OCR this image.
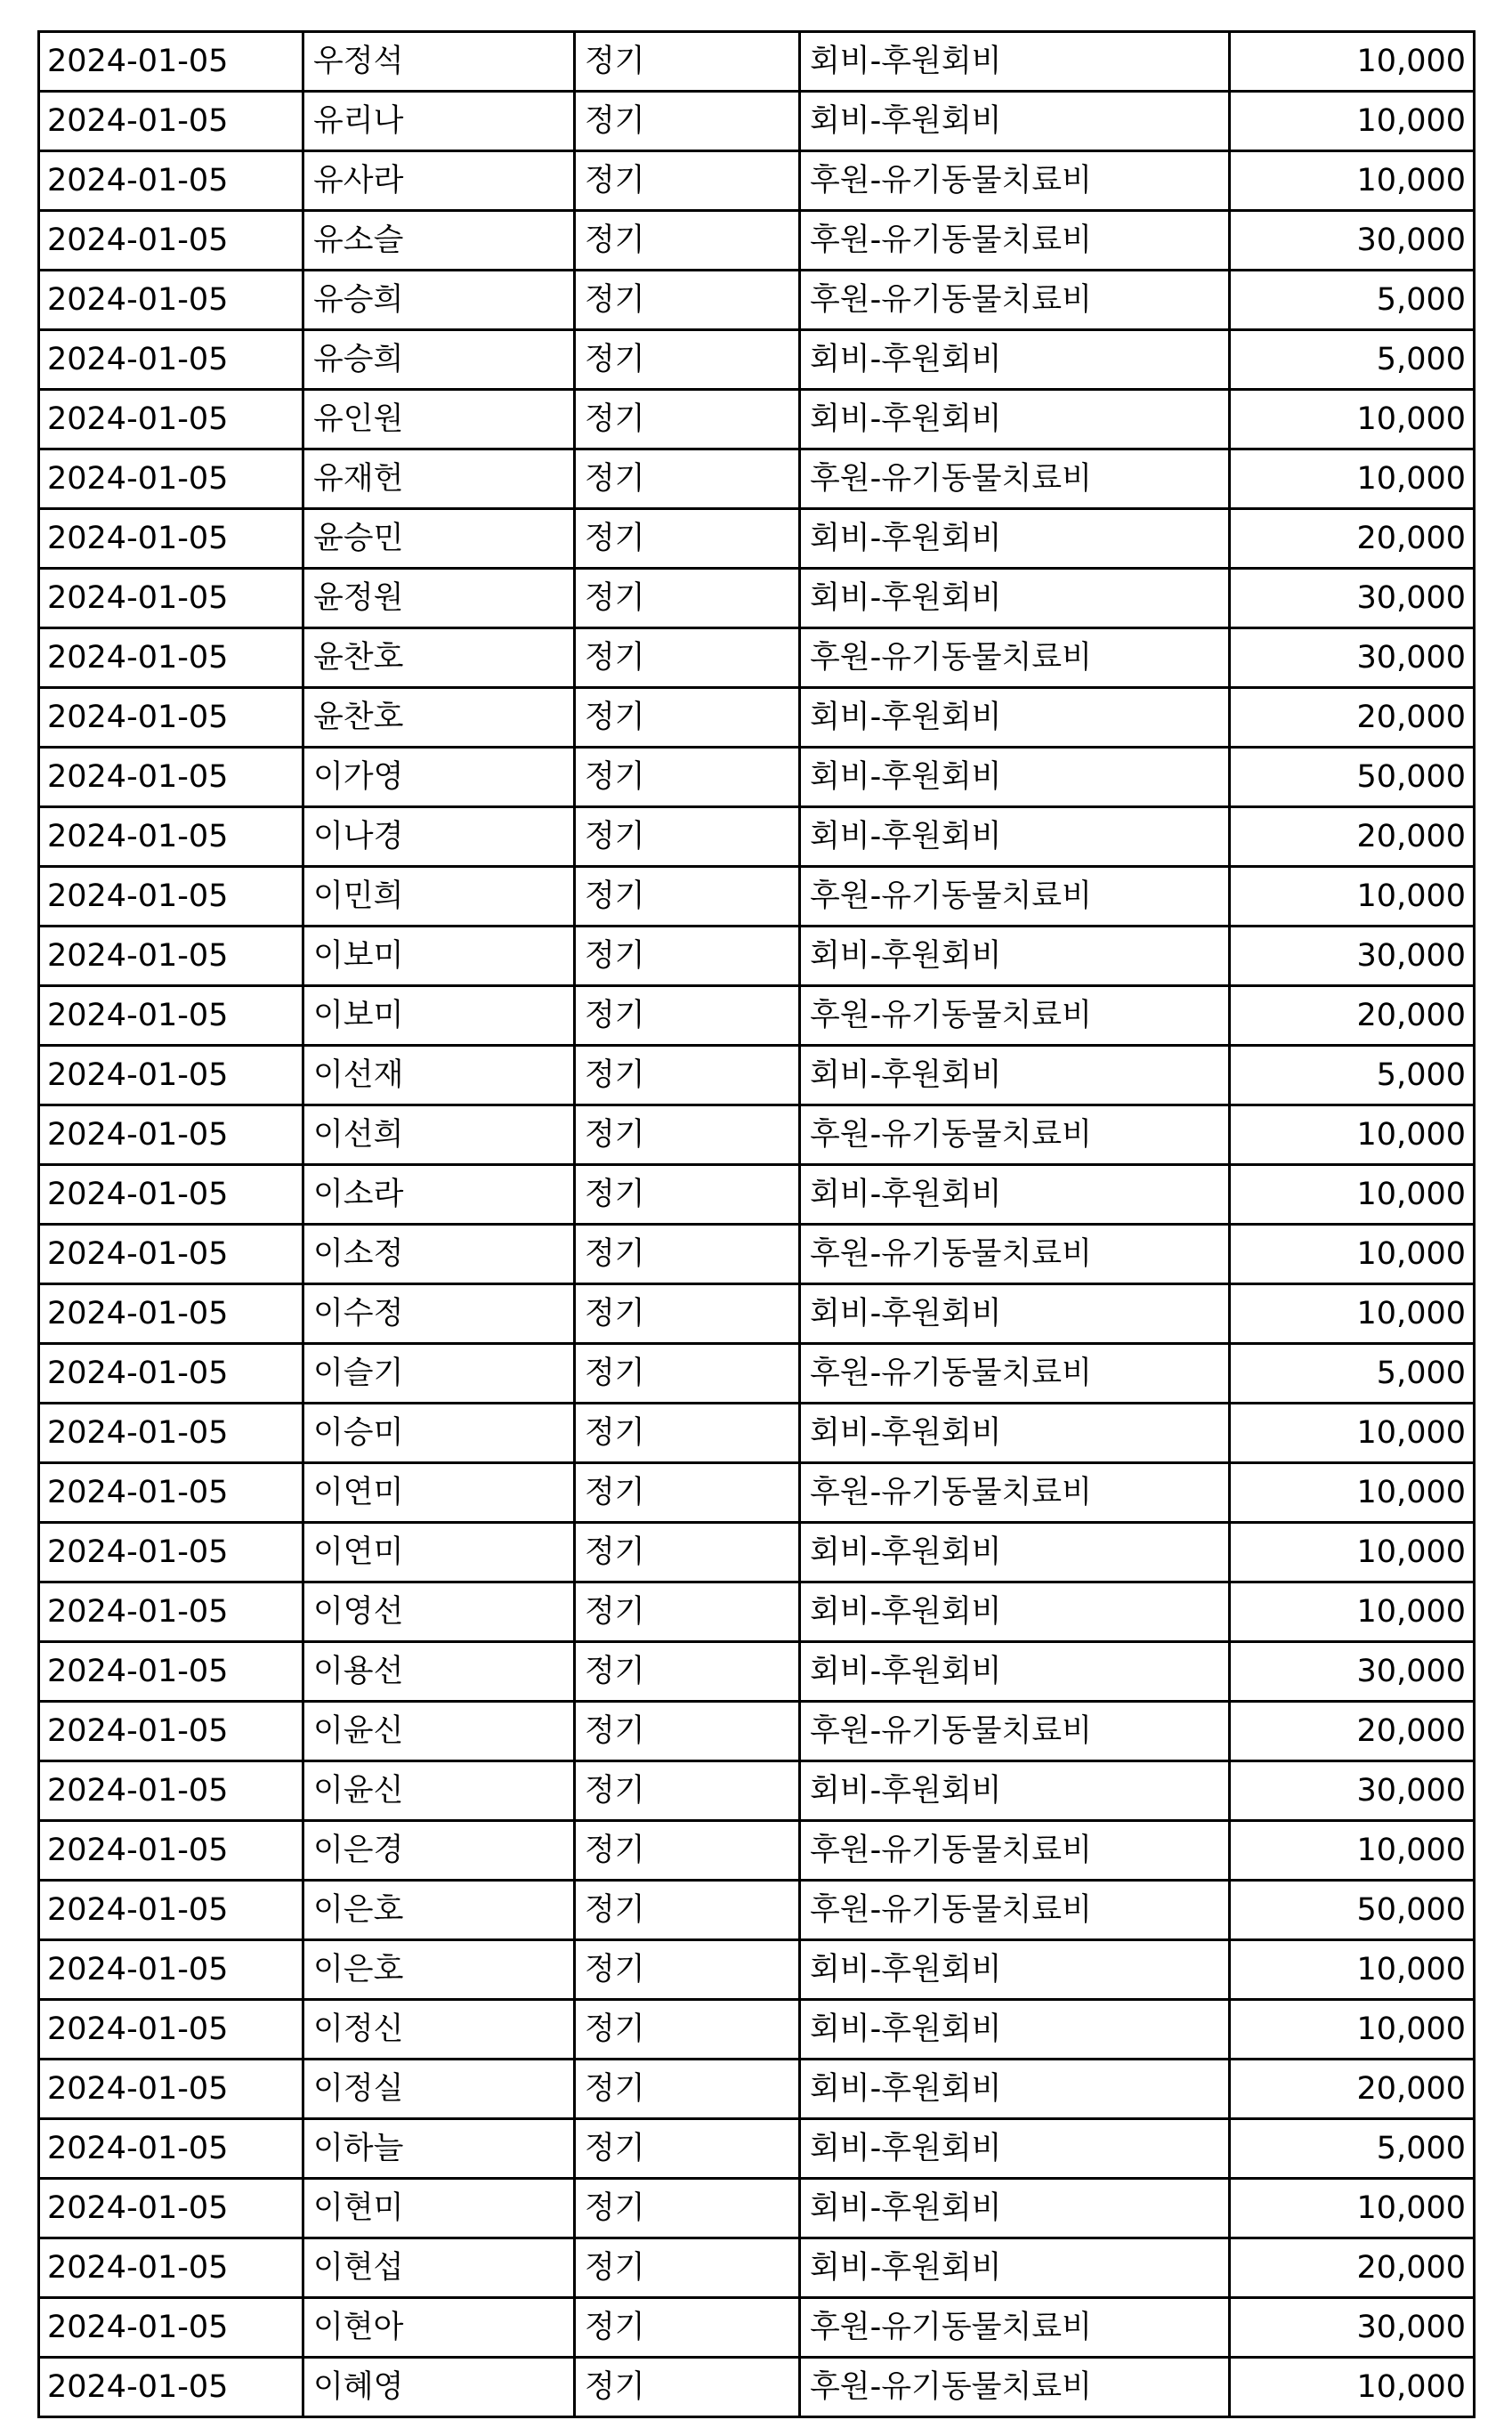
2024-01-05	우정석	정기	회비-후원회비	10,000
2024-01-05	유리나	정기	회비-후원회비	10,000
2024-01-05	유사라	정기	후원-유기동물치료비	10,000
2024-01-05	유소슬	정기	후원-유기동물치료비	30,000
2024-01-05	유승희	정기	후원-유기동물치료비	5,000
2024-01-05	유승희	정기	회비-후원회비	5,000
2024-01-05	유인원	정기	회비-후원회비	10,000
2024-01-05	유재헌	정기	후원-유기동물치료비	10,000
2024-01-05	윤승민	정기	회비-후원회비	20,000
2024-01-05	윤정원	정기	회비-후원회비	30,000
2024-01-05	윤찬호	정기	후원-유기동물치료비	30,000
2024-01-05	윤찬호	정기	회비-후원회비	20,000
2024-01-05	이가영	정기	회비-후원회비	50,000
2024-01-05	이나경	정기	회비-후원회비	20,000
2024-01-05	이민희	정기	후원-유기동물치료비	10,000
2024-01-05	이보미	정기	회비-후원회비	30,000
2024-01-05	이보미	정기	후원-유기동물치료비	20,000
2024-01-05	이선재	정기	회비-후원회비	5,000
2024-01-05	이선희	정기	후원-유기동물치료비	10,000
2024-01-05	이소라	정기	회비-후원회비	10,000
2024-01-05	이소정	정기	후원-유기동물치료비	10,000
2024-01-05	이수정	정기	회비-후원회비	10,000
2024-01-05	이슬기	정기	후원-유기동물치료비	5,000
2024-01-05	이승미	정기	회비-후원회비	10,000
2024-01-05	이연미	정기	후원-유기동물치료비	10,000
2024-01-05	이연미	정기	회비-후원회비	10,000
2024-01-05	이영선	정기	회비-후원회비	10,000
2024-01-05	이용선	정기	회비-후원회비	30,000
2024-01-05	이윤신	정기	후원-유기동물치료비	20,000
2024-01-05	이윤신	정기	회비-후원회비	30,000
2024-01-05	이은경	정기	후원-유기동물치료비	10,000
2024-01-05	이은호	정기	후원-유기동물치료비	50,000
2024-01-05	이은호	정기	회비-후원회비	10,000
2024-01-05	이정신	정기	회비-후원회비	10,000
2024-01-05	이정실	정기	회비-후원회비	20,000
2024-01-05	이하늘	정기	회비-후원회비	5,000
2024-01-05	이현미	정기	회비-후원회비	10,000
2024-01-05	이현섭	정기	회비-후원회비	20,000
2024-01-05	이현아	정기	후원-유기동물치료비	30,000
2024-01-05	이혜영	정기	후원-유기동물치료비	10,000
